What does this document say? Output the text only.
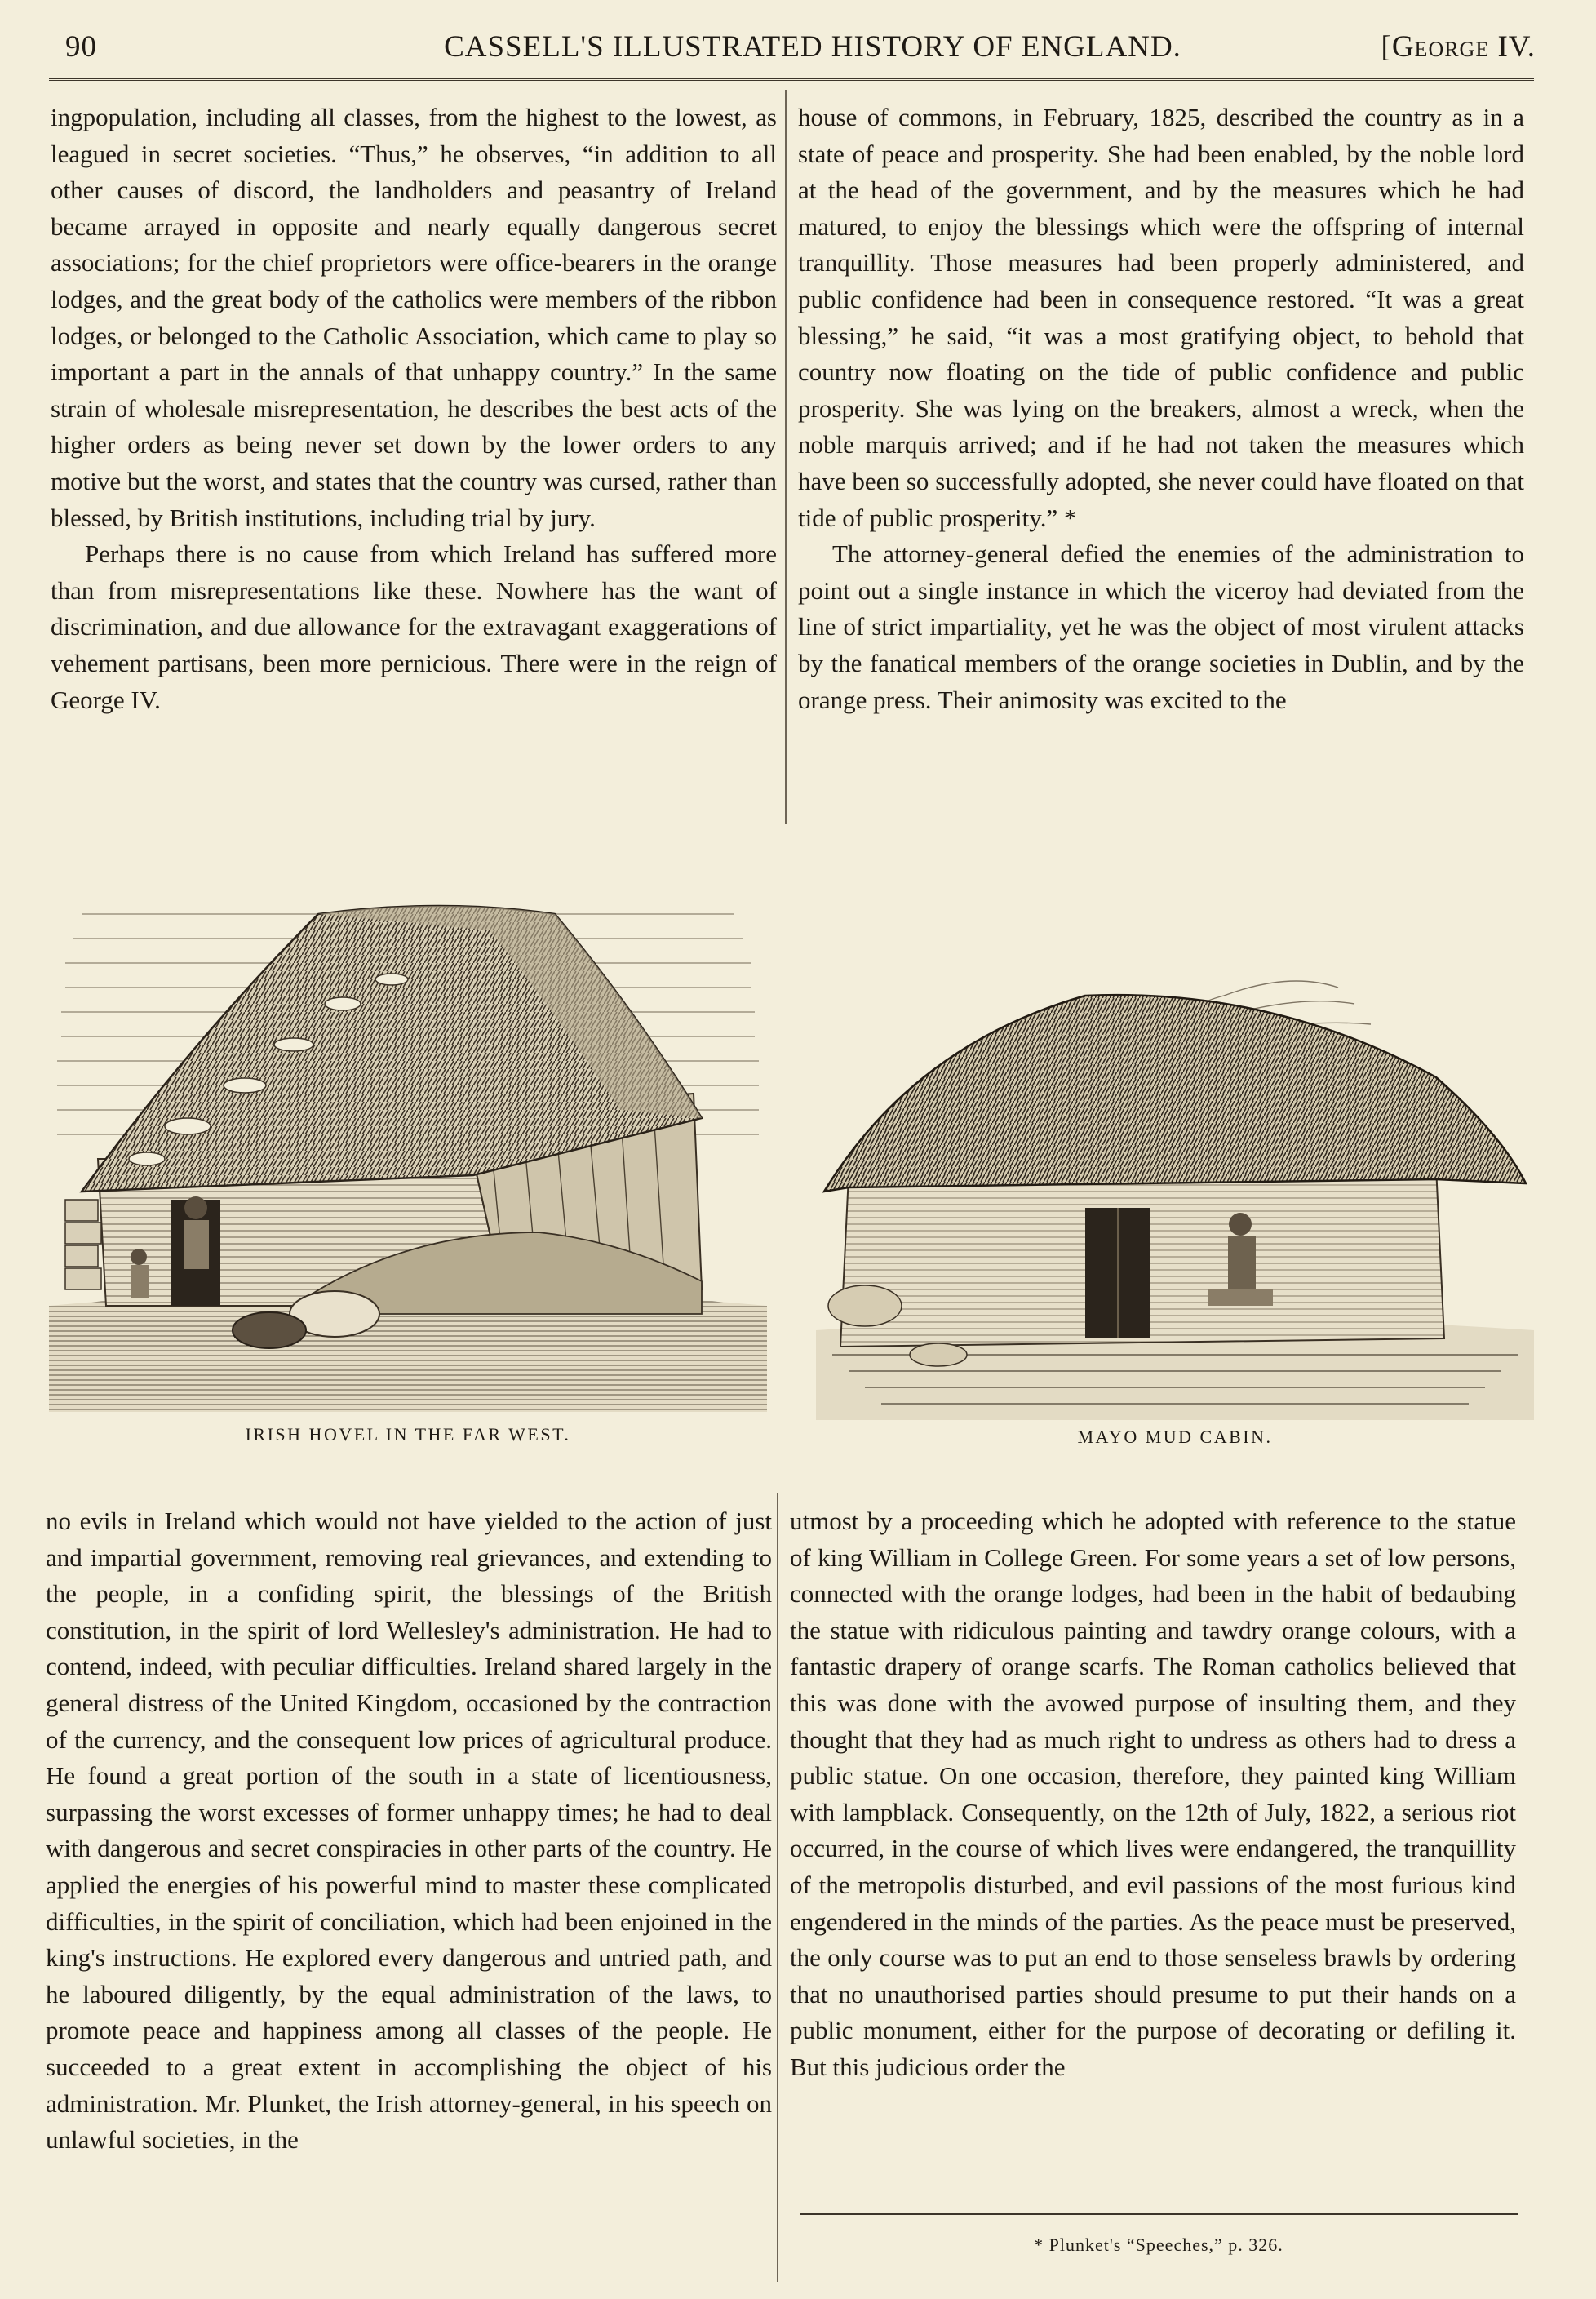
90	CASSELL'S ILLUSTRATED HISTORY OF ENGLAND.	[George IV.

ingpopulation, including all classes, from the highest to the lowest, as leagued in secret societies. “Thus,” he observes, “in addition to all other causes of discord, the landholders and peasantry of Ireland became arrayed in opposite and nearly equally dangerous secret associations; for the chief proprietors were office-bearers in the orange lodges, and the great body of the catholics were members of the ribbon lodges, or belonged to the Catholic Association, which came to play so important a part in the annals of that unhappy country.” In the same strain of wholesale misrepresentation, he describes the best acts of the higher orders as being never set down by the lower orders to any motive but the worst, and states that the country was cursed, rather than blessed, by British institutions, including trial by jury.

Perhaps there is no cause from which Ireland has suffered more than from misrepresentations like these. Nowhere has the want of discrimination, and due allowance for the extravagant exaggerations of vehement partisans, been more pernicious. There were in the reign of George IV.

house of commons, in February, 1825, described the country as in a state of peace and prosperity. She had been enabled, by the noble lord at the head of the government, and by the measures which he had matured, to enjoy the blessings which were the offspring of internal tranquillity. Those measures had been properly administered, and public confidence had been in consequence restored. “It was a great blessing,” he said, “it was a most gratifying object, to behold that country now floating on the tide of public confidence and public prosperity. She was lying on the breakers, almost a wreck, when the noble marquis arrived; and if he had not taken the measures which have been so successfully adopted, she never could have floated on that tide of public prosperity.” *

The attorney-general defied the enemies of the administration to point out a single instance in which the viceroy had deviated from the line of strict impartiality, yet he was the object of most virulent attacks by the fanatical members of the orange societies in Dublin, and by the orange press. Their animosity was excited to the

IRISH HOVEL IN THE FAR WEST.	MAYO MUD CABIN.

no evils in Ireland which would not have yielded to the action of just and impartial government, removing real grievances, and extending to the people, in a confiding spirit, the blessings of the British constitution, in the spirit of lord Wellesley's administration. He had to contend, indeed, with peculiar difficulties. Ireland shared largely in the general distress of the United Kingdom, occasioned by the contraction of the currency, and the consequent low prices of agricultural produce. He found a great portion of the south in a state of licentiousness, surpassing the worst excesses of former unhappy times; he had to deal with dangerous and secret conspiracies in other parts of the country. He applied the energies of his powerful mind to master these complicated difficulties, in the spirit of conciliation, which had been enjoined in the king's instructions. He explored every dangerous and untried path, and he laboured diligently, by the equal administration of the laws, to promote peace and happiness among all classes of the people. He succeeded to a great extent in accomplishing the object of his administration. Mr. Plunket, the Irish attorney-general, in his speech on unlawful societies, in the

utmost by a proceeding which he adopted with reference to the statue of king William in College Green. For some years a set of low persons, connected with the orange lodges, had been in the habit of bedaubing the statue with ridiculous painting and tawdry orange colours, with a fantastic drapery of orange scarfs. The Roman catholics believed that this was done with the avowed purpose of insulting them, and they thought that they had as much right to undress as others had to dress a public statue. On one occasion, therefore, they painted king William with lampblack. Consequently, on the 12th of July, 1822, a serious riot occurred, in the course of which lives were endangered, the tranquillity of the metropolis disturbed, and evil passions of the most furious kind engendered in the minds of the parties. As the peace must be preserved, the only course was to put an end to those senseless brawls by ordering that no unauthorised parties should presume to put their hands on a public monument, either for the purpose of decorating or defiling it. But this judicious order the

* Plunket's “Speeches,” p. 326.
